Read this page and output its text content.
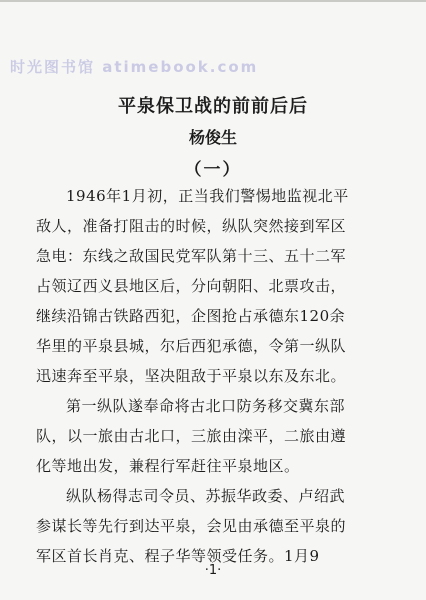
时光图书馆 atimebook.com
平泉保卫战的前前后后
杨俊生
（一）
1946年1月初，正当我们警惕地监视北平
敌人，准备打阻击的时候，纵队突然接到军区
急电：东线之敌国民党军队第十三、五十二军
占领辽西义县地区后，分向朝阳、北票攻击，
继续沿锦古铁路西犯，企图抢占承德东120余
华里的平泉县城，尔后西犯承德，令第一纵队
迅速奔至平泉，坚决阻敌于平泉以东及东北。
第一纵队遂奉命将古北口防务移交冀东部
队，以一旅由古北口，三旅由滦平，二旅由遵
化等地出发，兼程行军赶往平泉地区。
纵队杨得志司令员、苏振华政委、卢绍武
参谋长等先行到达平泉，会见由承德至平泉的
军区首长肖克、程子华等领受任务。1月9
·1·
